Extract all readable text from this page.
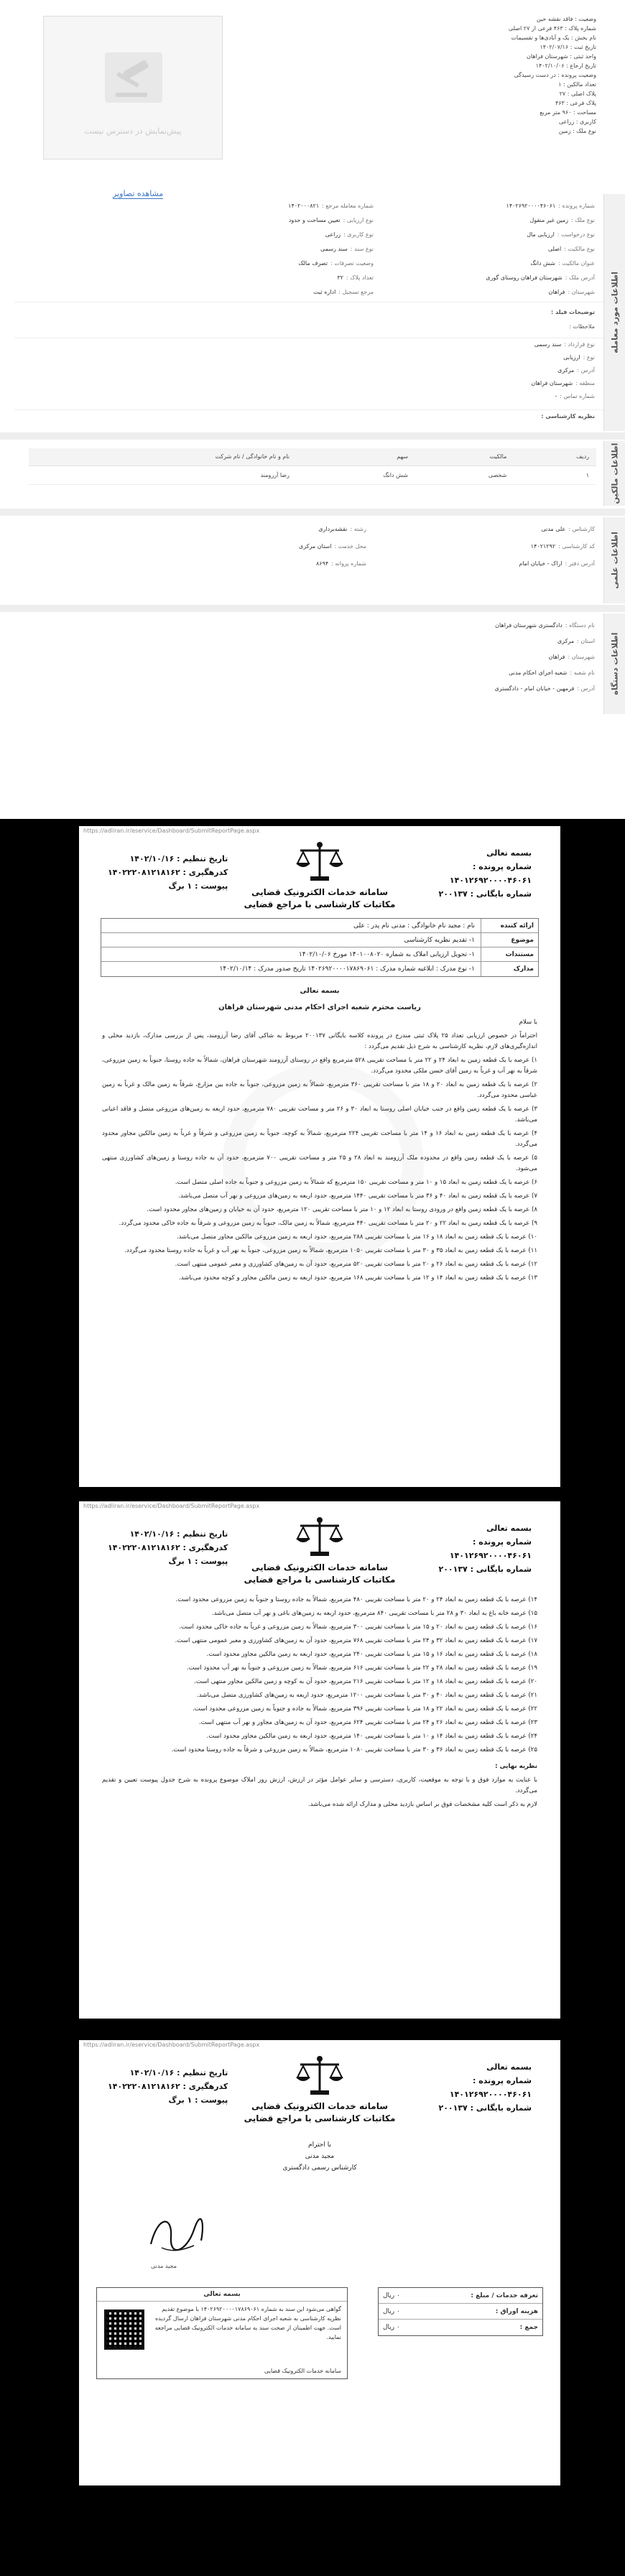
پیش‌نمایش در دسترس نیست
مشاهده تصاویر
وضعیت : فاقد نقشه حین
شماره پلاک : ۴۶۳ فرعی از ۲۷ اصلی
نام بخش : یک و آبادی‌ها و تقسیمات
تاریخ ثبت : ۱۴۰۲/۰۷/۱۶
واحد ثبتی : شهرستان فراهان
تاریخ ارجاع : ۱۴۰۲/۱۰/۰۶
وضعیت پرونده : در دست رسیدگی
تعداد مالکین : ۱
پلاک اصلی : ۲۷
پلاک فرعی : ۴۶۳
مساحت : ۹۶۰ متر مربع
کاربری : زراعی
نوع ملک : زمین
اطلاعات مورد معامله
شماره پرونده :۱۴۰۲۶۹۲۰۰۰۰۴۶۰۶۱
شماره معامله مرجع :۱۴۰۲۰۰۰۸۲۱
نوع ملک :زمین غیر منقول
نوع ارزیابی :تعیین مساحت و حدود
نوع درخواست :ارزیابی مال
نوع کاربری :زراعی
نوع مالکیت :اصلی
نوع سند :سند رسمی
عنوان مالکیت :شش دانگ
وضعیت تصرفات :تصرف مالک
آدرس ملک :شهرستان فراهان روستای گوری
تعداد پلاک :۳۲
شهرستان :فراهان
مرجع تسجیل :اداره ثبت
توضیحات فیلد :
ملاحظات :
نوع قرارداد :سند رسمی
نوع :ارزیابی
آدرس :مرکزی
منطقه :شهرستان فراهان
شماره تماس :-
نظریه کارشناسی :
اطلاعات مالکین
ردیف	مالکیت	سهم	نام و نام خانوادگی / نام شرکت
۱	شخصی	شش دانگ	رضا آرزومند
اطلاعات علمی
کارشناس :علی مدنی
رشته :نقشه‌برداری
کد کارشناسی :۱۴۰۲۱۲۹۲
محل خدمت :استان مرکزی
آدرس دفتر :اراک - خیابان امام
شماره پروانه :۸۶۹۴
اطلاعات دستگاه
نام دستگاه :دادگستری شهرستان فراهان
استان :مرکزی
شهرستان :فراهان
نام شعبه :شعبه اجرای احکام مدنی
آدرس :فرمهین - خیابان امام - دادگستری
https://adliran.ir/eservice/Dashboard/SubmitReportPage.aspx
بسمه تعالی
شماره پرونده :
۱۴۰۱۲۶۹۲۰۰۰۰۴۶۰۶۱
شماره بایگانی : ۲۰۰۱۳۷
سامانه خدمات الکترونیک قضایی
مکاتبات کارشناسی با مراجع قضایی
تاریخ تنظیم : ۱۴۰۲/۱۰/۱۶
کدرهگیری : ۱۴۰۲۲۲۰۸۱۲۱۸۱۶۲
پیوست : ۱ برگ
ارائه کننده
نام : مجید نام خانوادگی : مدنی نام پدر : علی
موضوع
۱- تقدیم نظریه کارشناسی
مستندات
۱- تحویل ارزیابی املاک به شماره ۱۴۰۱۰۰۸۰۲۰ مورخ ۱۴۰۲/۱۰/۰۶
مدارک
۱- نوع مدرک : ابلاغیه شماره مدرک : ۱۴۰۲۶۹۲۰۰۰۰۱۷۸۶۹۰۶۱ تاریخ صدور مدرک : ۱۴۰۲/۱۰/۱۴
بسمه تعالی
ریاست محترم شعبه اجرای احکام مدنی شهرستان فراهان

با سلام

احتراماً در خصوص ارزیابی تعداد ۲۵ پلاک ثبتی مندرج در پرونده کلاسه بایگانی ۲۰۰۱۳۷ مربوط به شاکی آقای رضا آرزومند، پس از بررسی مدارک، بازدید محلی و اندازه‌گیری‌های لازم، نظریه کارشناسی به شرح ذیل تقدیم می‌گردد :

۱) عرصه با یک قطعه زمین به ابعاد ۲۴ و ۲۲ متر با مساحت تقریبی ۵۲۸ مترمربع واقع در روستای آرزومند شهرستان فراهان، شمالاً به جاده روستا، جنوباً به زمین مزروعی، شرقاً به نهر آب و غرباً به زمین آقای حسن ملکی محدود می‌گردد.

۲) عرصه با یک قطعه زمین به ابعاد ۲۰ و ۱۸ متر با مساحت تقریبی ۳۶۰ مترمربع، شمالاً به زمین مزروعی، جنوباً به جاده بین مزارع، شرقاً به زمین مالک و غرباً به زمین عباسی محدود می‌گردد.

۳) عرصه با یک قطعه زمین واقع در جنب خیابان اصلی روستا به ابعاد ۳۰ و ۲۶ متر و مساحت تقریبی ۷۸۰ مترمربع، حدود اربعه به زمین‌های مزروعی متصل و فاقد اعیانی می‌باشد.

۴) عرصه با یک قطعه زمین به ابعاد ۱۶ و ۱۴ متر با مساحت تقریبی ۲۲۴ مترمربع، شمالاً به کوچه، جنوباً به زمین مزروعی و شرقاً و غرباً به زمین مالکین مجاور محدود می‌گردد.

۵) عرصه با یک قطعه زمین واقع در محدوده ملک آرزومند به ابعاد ۲۸ و ۲۵ متر و مساحت تقریبی ۷۰۰ مترمربع، حدود آن به جاده روستا و زمین‌های کشاورزی منتهی می‌شود.

۶) عرصه با یک قطعه زمین به ابعاد ۱۵ و ۱۰ متر و مساحت تقریبی ۱۵۰ مترمربع که شمالاً به زمین مزروعی و جنوباً به جاده اصلی متصل است.

۷) عرصه با یک قطعه زمین به ابعاد ۴۰ و ۳۶ متر با مساحت تقریبی ۱۴۴۰ مترمربع، حدود اربعه به زمین‌های مزروعی و نهر آب متصل می‌باشد.

۸) عرصه با یک قطعه زمین واقع در ورودی روستا به ابعاد ۱۲ و ۱۰ متر با مساحت تقریبی ۱۲۰ مترمربع، حدود آن به خیابان و زمین‌های مجاور محدود است.

۹) عرصه با یک قطعه زمین به ابعاد ۲۲ و ۲۰ متر با مساحت تقریبی ۴۴۰ مترمربع، شمالاً به زمین مالک، جنوباً به زمین مزروعی و شرقاً به جاده خاکی محدود می‌گردد.

۱۰) عرصه با یک قطعه زمین به ابعاد ۱۸ و ۱۶ متر با مساحت تقریبی ۲۸۸ مترمربع، حدود اربعه به زمین مزروعی مالکین مجاور متصل می‌باشد.

۱۱) عرصه با یک قطعه زمین به ابعاد ۳۵ و ۳۰ متر با مساحت تقریبی ۱۰۵۰ مترمربع، شمالاً به زمین مزروعی، جنوباً به نهر آب و غرباً به جاده روستا محدود می‌گردد.

۱۲) عرصه با یک قطعه زمین به ابعاد ۲۶ و ۲۰ متر با مساحت تقریبی ۵۲۰ مترمربع، حدود آن به زمین‌های کشاورزی و معبر عمومی منتهی است.

۱۳) عرصه با یک قطعه زمین به ابعاد ۱۴ و ۱۲ متر با مساحت تقریبی ۱۶۸ مترمربع، حدود اربعه به زمین مالکین مجاور و کوچه محدود می‌باشد.

https://adliran.ir/eservice/Dashboard/SubmitReportPage.aspx
بسمه تعالی
شماره پرونده :
۱۴۰۱۲۶۹۲۰۰۰۰۴۶۰۶۱
شماره بایگانی : ۲۰۰۱۳۷
سامانه خدمات الکترونیک قضایی
مکاتبات کارشناسی با مراجع قضایی
تاریخ تنظیم : ۱۴۰۲/۱۰/۱۶
کدرهگیری : ۱۴۰۲۲۲۰۸۱۲۱۸۱۶۲
پیوست : ۱ برگ

۱۴) عرصه با یک قطعه زمین به ابعاد ۲۴ و ۲۰ متر با مساحت تقریبی ۴۸۰ مترمربع، شمالاً به جاده روستا و جنوباً به زمین مزروعی محدود است.

۱۵) عرصه خانه باغ به ابعاد ۳۰ و ۲۸ متر با مساحت تقریبی ۸۴۰ مترمربع، حدود اربعه به زمین‌های باغی و نهر آب متصل می‌باشد.

۱۶) عرصه با یک قطعه زمین به ابعاد ۲۰ و ۱۵ متر با مساحت تقریبی ۳۰۰ مترمربع، شمالاً به زمین مزروعی و غرباً به جاده خاکی محدود است.

۱۷) عرصه با یک قطعه زمین به ابعاد ۳۲ و ۲۴ متر با مساحت تقریبی ۷۶۸ مترمربع، حدود آن به زمین‌های کشاورزی و معبر عمومی منتهی است.

۱۸) عرصه با یک قطعه زمین به ابعاد ۱۶ و ۱۵ متر با مساحت تقریبی ۲۴۰ مترمربع، حدود اربعه به زمین مالکین مجاور محدود است.

۱۹) عرصه با یک قطعه زمین به ابعاد ۲۸ و ۲۲ متر با مساحت تقریبی ۶۱۶ مترمربع، شمالاً به زمین مزروعی و جنوباً به نهر آب محدود است.

۲۰) عرصه با یک قطعه زمین به ابعاد ۱۸ و ۱۲ متر با مساحت تقریبی ۲۱۶ مترمربع، حدود آن به کوچه و زمین مالکین مجاور منتهی است.

۲۱) عرصه با یک قطعه زمین به ابعاد ۴۰ و ۳۰ متر با مساحت تقریبی ۱۲۰۰ مترمربع، حدود اربعه به زمین‌های کشاورزی متصل می‌باشد.

۲۲) عرصه با یک قطعه زمین به ابعاد ۲۲ و ۱۸ متر با مساحت تقریبی ۳۹۶ مترمربع، شمالاً به جاده و جنوباً به زمین مزروعی محدود است.

۲۳) عرصه با یک قطعه زمین به ابعاد ۲۶ و ۲۴ متر با مساحت تقریبی ۶۲۴ مترمربع، حدود آن به زمین‌های مجاور و نهر آب منتهی است.

۲۴) عرصه با یک قطعه زمین به ابعاد ۱۴ و ۱۰ متر با مساحت تقریبی ۱۴۰ مترمربع، حدود اربعه به زمین مالکین مجاور محدود است.

۲۵) عرصه با یک قطعه زمین به ابعاد ۳۶ و ۳۰ متر با مساحت تقریبی ۱۰۸۰ مترمربع، شمالاً به زمین مزروعی و شرقاً به جاده روستا محدود است.

نظریه نهایی :

با عنایت به موارد فوق و با توجه به موقعیت، کاربری، دسترسی و سایر عوامل مؤثر در ارزش، ارزش روز املاک موضوع پرونده به شرح جدول پیوست تعیین و تقدیم می‌گردد.

لازم به ذکر است کلیه مشخصات فوق بر اساس بازدید محلی و مدارک ارائه شده می‌باشد.

https://adliran.ir/eservice/Dashboard/SubmitReportPage.aspx
بسمه تعالی
شماره پرونده :
۱۴۰۱۲۶۹۲۰۰۰۰۴۶۰۶۱
شماره بایگانی : ۲۰۰۱۳۷
سامانه خدمات الکترونیک قضایی
مکاتبات کارشناسی با مراجع قضایی
تاریخ تنظیم : ۱۴۰۲/۱۰/۱۶
کدرهگیری : ۱۴۰۲۲۲۰۸۱۲۱۸۱۶۲
پیوست : ۱ برگ
با احترام
مجید مدنی
کارشناس رسمی دادگستری
مجید مدنی
تعرفه خدمات / مبلغ :
۰ ریال
هزینه اوراق :
۰ ریال
جمع :
۰ ریال
بسمه تعالی
گواهی می‌شود این سند به شماره ۱۴۰۲۶۹۲۰۰۰۰۱۷۸۶۹۰۶۱ با موضوع تقدیم نظریه کارشناسی به شعبه اجرای احکام مدنی شهرستان فراهان ارسال گردیده است. جهت اطمینان از صحت سند به سامانه خدمات الکترونیک قضایی مراجعه نمایید.
سامانه خدمات الکترونیک قضایی
